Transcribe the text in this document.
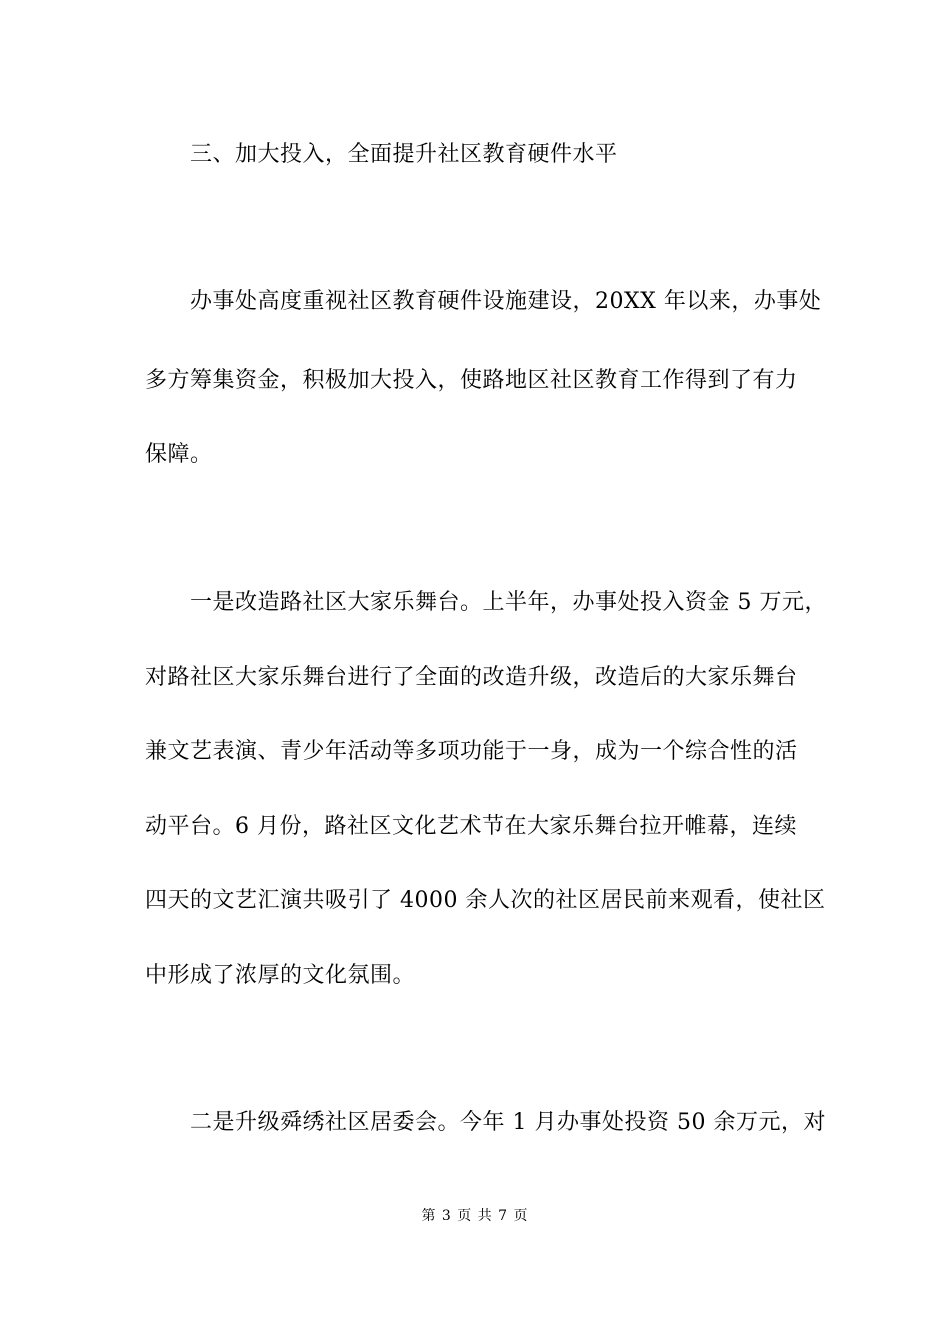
三、加大投入，全面提升社区教育硬件水平
办事处高度重视社区教育硬件设施建设，20XX 年以来，办事处
多方筹集资金，积极加大投入，使路地区社区教育工作得到了有力
保障。
一是改造路社区大家乐舞台。上半年，办事处投入资金 5 万元，
对路社区大家乐舞台进行了全面的改造升级，改造后的大家乐舞台
兼文艺表演、青少年活动等多项功能于一身，成为一个综合性的活
动平台。6 月份，路社区文化艺术节在大家乐舞台拉开帷幕，连续
四天的文艺汇演共吸引了 4000 余人次的社区居民前来观看，使社区
中形成了浓厚的文化氛围。
二是升级舜绣社区居委会。今年 1 月办事处投资 50 余万元，对
第 3 页 共 7 页
